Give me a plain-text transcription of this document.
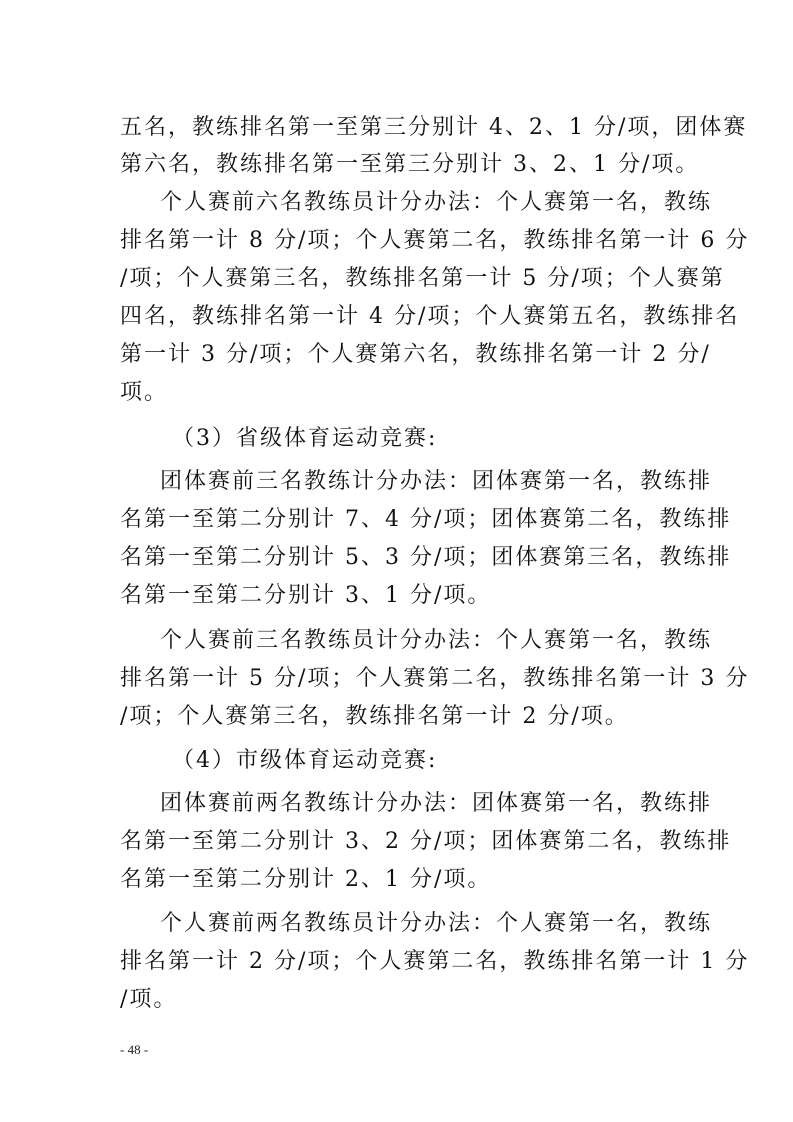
五名，教练排名第一至第三分别计 4、2、1 分/项，团体赛
第六名，教练排名第一至第三分别计 3、2、1 分/项。
个人赛前六名教练员计分办法：个人赛第一名，教练
排名第一计 8 分/项；个人赛第二名，教练排名第一计 6 分
/项；个人赛第三名，教练排名第一计 5 分/项；个人赛第
四名，教练排名第一计 4 分/项；个人赛第五名，教练排名
第一计 3 分/项；个人赛第六名，教练排名第一计 2 分/
项。
（3）省级体育运动竞赛:
团体赛前三名教练计分办法：团体赛第一名，教练排
名第一至第二分别计 7、4 分/项；团体赛第二名，教练排
名第一至第二分别计 5、3 分/项；团体赛第三名，教练排
名第一至第二分别计 3、1 分/项。
个人赛前三名教练员计分办法：个人赛第一名，教练
排名第一计 5 分/项；个人赛第二名，教练排名第一计 3 分
/项；个人赛第三名，教练排名第一计 2 分/项。
（4）市级体育运动竞赛:
团体赛前两名教练计分办法：团体赛第一名，教练排
名第一至第二分别计 3、2 分/项；团体赛第二名，教练排
名第一至第二分别计 2、1 分/项。
个人赛前两名教练员计分办法：个人赛第一名，教练
排名第一计 2 分/项；个人赛第二名，教练排名第一计 1 分
/项。
- 48 -
